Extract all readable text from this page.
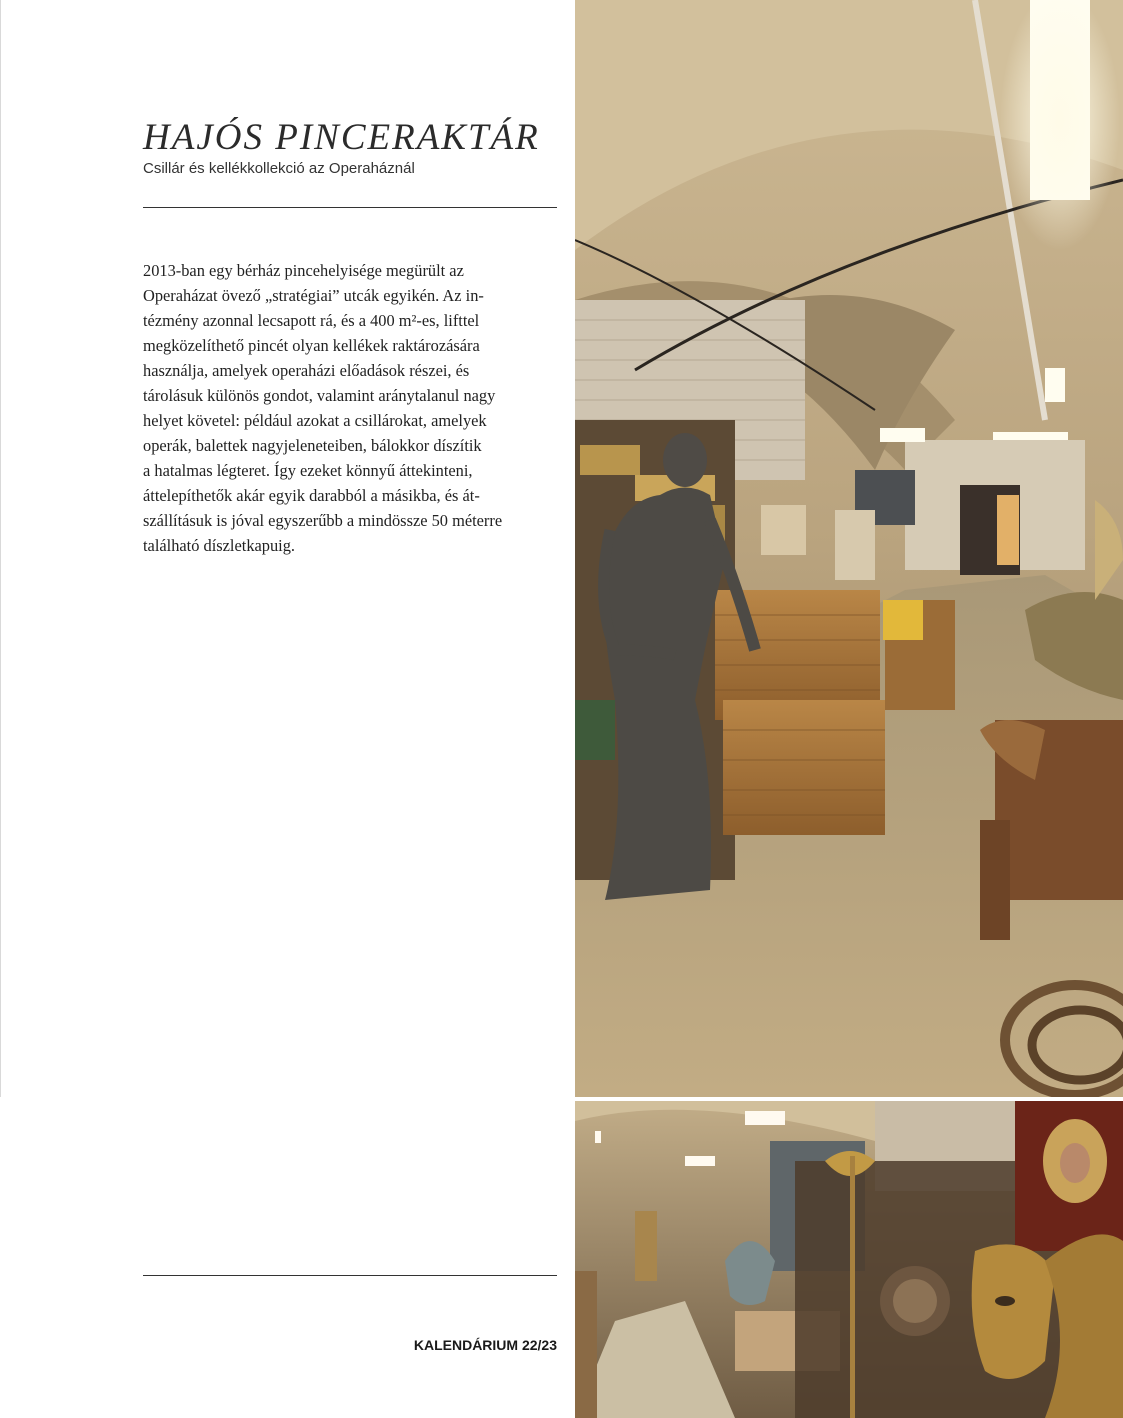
HAJÓS PINCERAKTÁR

Csillár és kellékkollekció az Operaháznál

2013-ban egy bérház pincehelyisége megürült az
Operaházat övező „stratégiai” utcák egyikén. Az in-
tézmény azonnal lecsapott rá, és a 400 m²-es, lifttel
megközelíthető pincét olyan kellékek raktározására
használja, amelyek operaházi előadások részei, és
tárolásuk különös gondot, valamint aránytalanul nagy
helyet követel: például azokat a csillárokat, amelyek
operák, balettek nagyjeleneteiben, bálokkor díszítik
a hatalmas légteret. Így ezeket könnyű áttekinteni,
áttelepíthetők akár egyik darabból a másikba, és át-
szállításuk is jóval egyszerűbb a mindössze 50 méterre
található díszletkapuig.
KALENDÁRIUM 22/23
